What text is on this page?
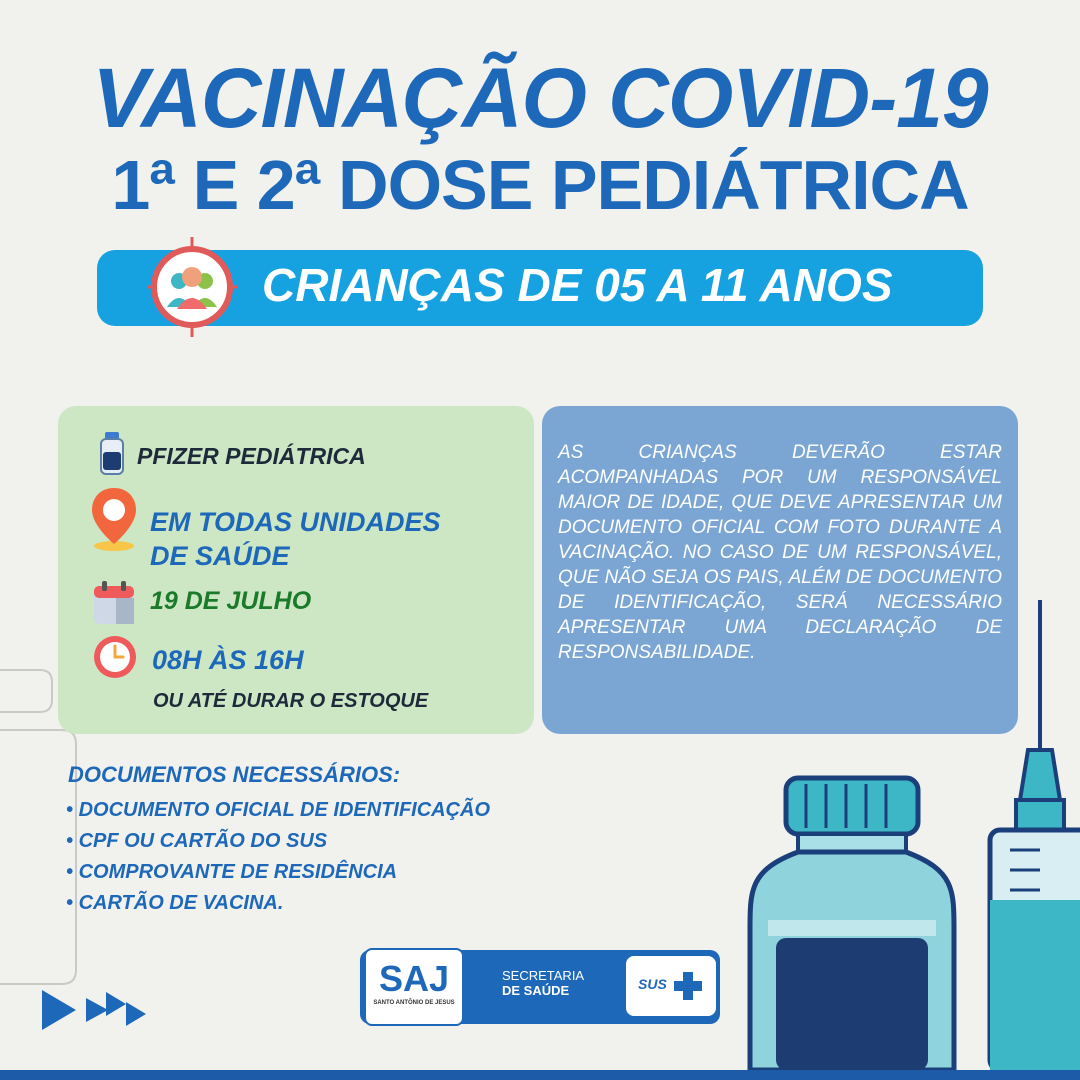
VACINAÇÃO COVID-19
1ª E 2ª DOSE PEDIÁTRICA
CRIANÇAS DE 05 A 11 ANOS
PFIZER PEDIÁTRICA
EM TODAS UNIDADES
DE SAÚDE
19 DE JULHO
08H ÀS 16H
OU ATÉ DURAR O ESTOQUE
AS CRIANÇAS DEVERÃO ESTAR ACOMPANHADAS POR UM RESPONSÁVEL MAIOR DE IDADE, QUE DEVE APRESENTAR UM DOCUMENTO OFICIAL COM FOTO DURANTE A VACINAÇÃO. NO CASO DE UM RESPONSÁVEL, QUE NÃO SEJA OS PAIS, ALÉM DE DOCUMENTO DE IDENTIFICAÇÃO, SERÁ NECESSÁRIO APRESENTAR UMA DECLARAÇÃO DE RESPONSABILIDADE.
DOCUMENTOS NECESSÁRIOS:
• DOCUMENTO OFICIAL DE IDENTIFICAÇÃO
• CPF OU CARTÃO DO SUS
• COMPROVANTE DE RESIDÊNCIA
• CARTÃO DE VACINA.
SAJ
SANTO ANTÔNIO DE JESUS
SECRETARIA
DE SAÚDE	SUS
